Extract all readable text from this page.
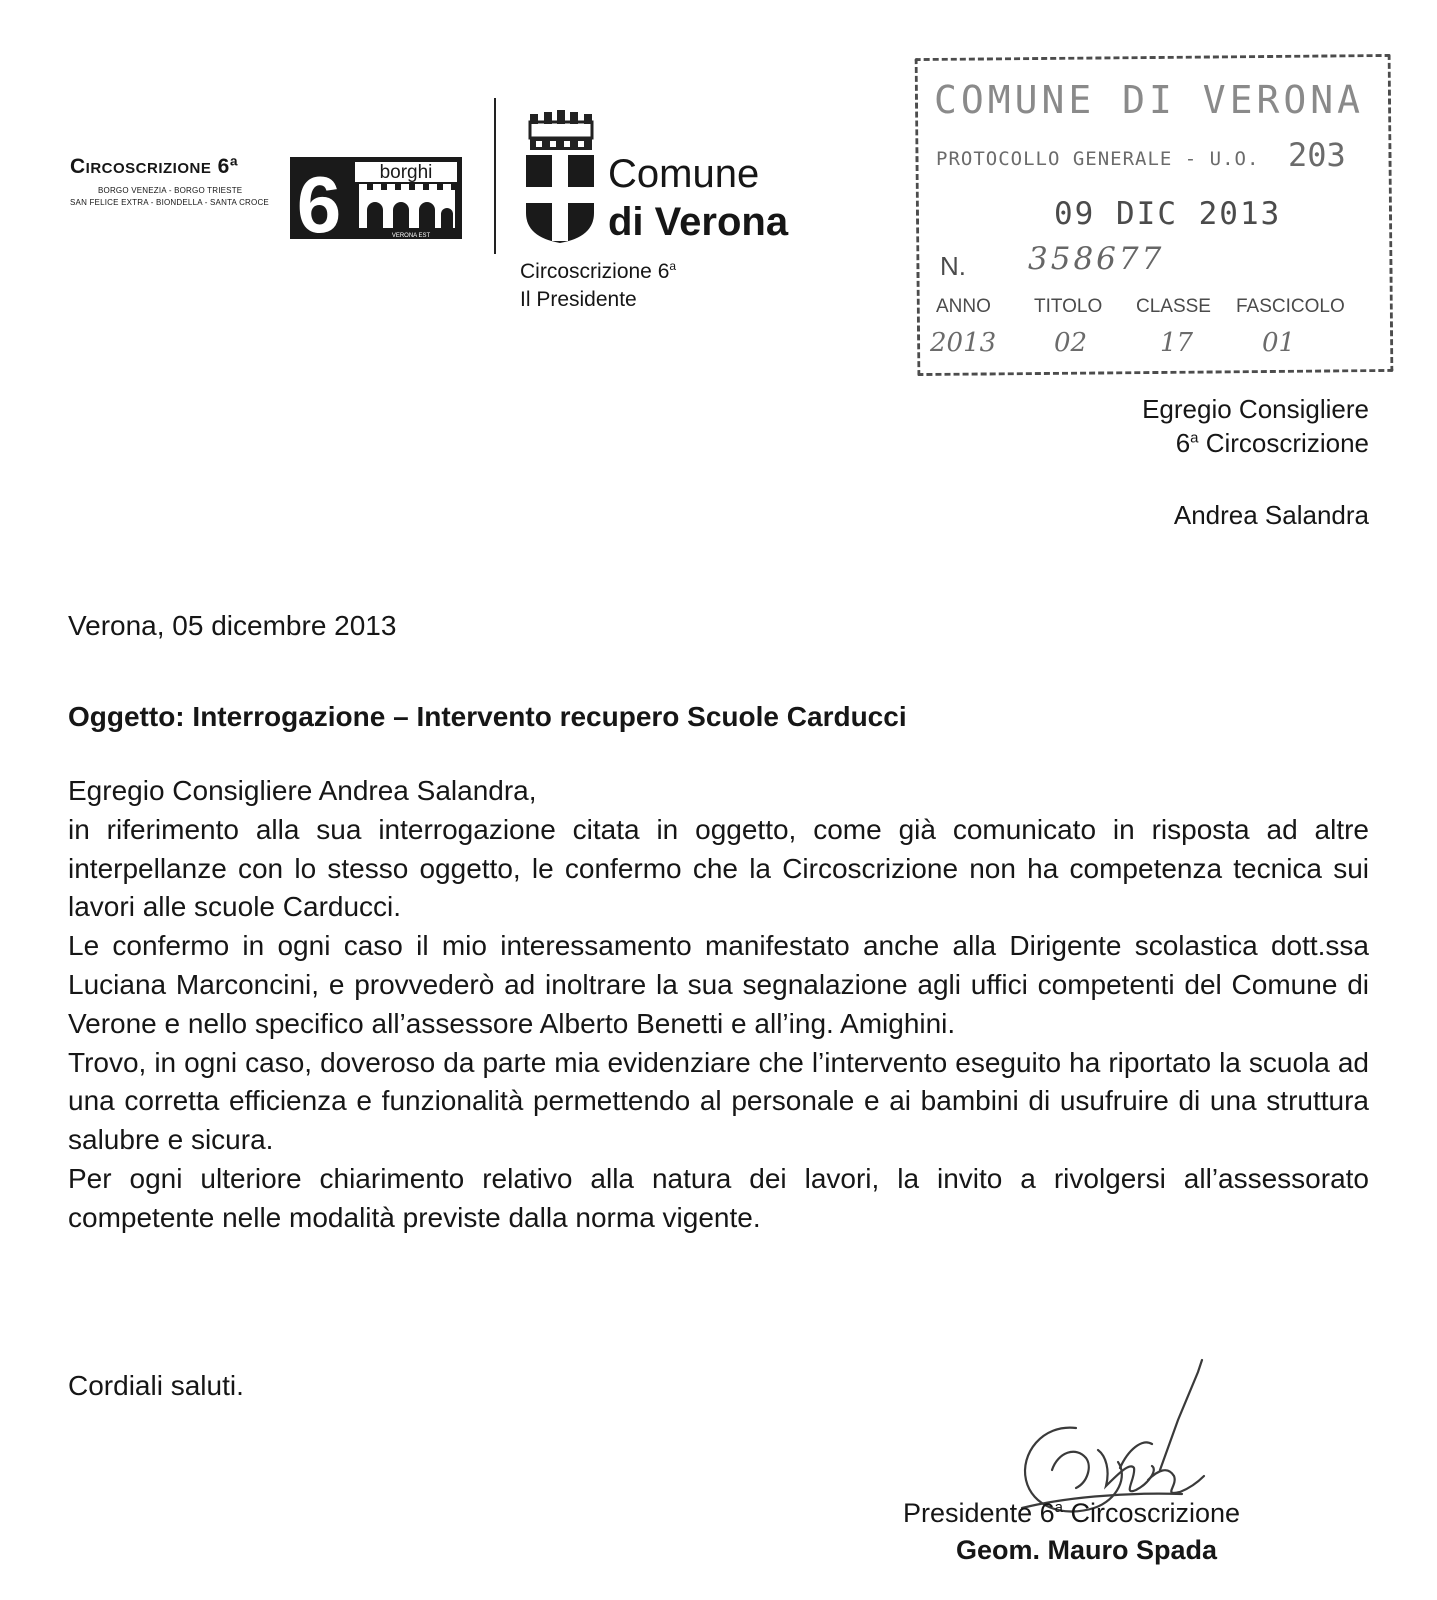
Circoscrizione 6ª
BORGO VENEZIA - BORGO TRIESTE
SAN FELICE EXTRA - BIONDELLA - SANTA CROCE
borghi
6	VERONA EST
Comune
di Verona
Circoscrizione 6$^a$
Il Presidente
COMUNE DI VERONA
PROTOCOLLO GENERALE - U.O. 203
09 DIC 2013
N. 358677
ANNO TITOLO CLASSE FASCICOLO
2013 02	17	01
Egregio Consigliere
6$^a$ Circoscrizione
Andrea Salandra
Verona, 05 dicembre 2013
Oggetto: Interrogazione – Intervento recupero Scuole Carducci

Egregio Consigliere Andrea Salandra,

in riferimento alla sua interrogazione citata in oggetto, come già comunicato in risposta ad altre interpellanze con lo stesso oggetto, le confermo che la Circoscrizione non ha competenza tecnica sui lavori alle scuole Carducci.

Le confermo in ogni caso il mio interessamento manifestato anche alla Dirigente scolastica dott.ssa Luciana Marconcini, e provvederò ad inoltrare la sua segnalazione agli uffici competenti del Comune di Verone e nello specifico all’assessore Alberto Benetti e all’ing. Amighini.

Trovo, in ogni caso, doveroso da parte mia evidenziare che l’intervento eseguito ha riportato la scuola ad una corretta efficienza e funzionalità permettendo al personale e ai bambini di usufruire di una struttura salubre e sicura.

Per ogni ulteriore chiarimento relativo alla natura dei lavori, la invito a rivolgersi all’assessorato competente nelle modalità previste dalla norma vigente.

Cordiali saluti.
Presidente 6$^a$ Circoscrizione
Geom. Mauro Spada
